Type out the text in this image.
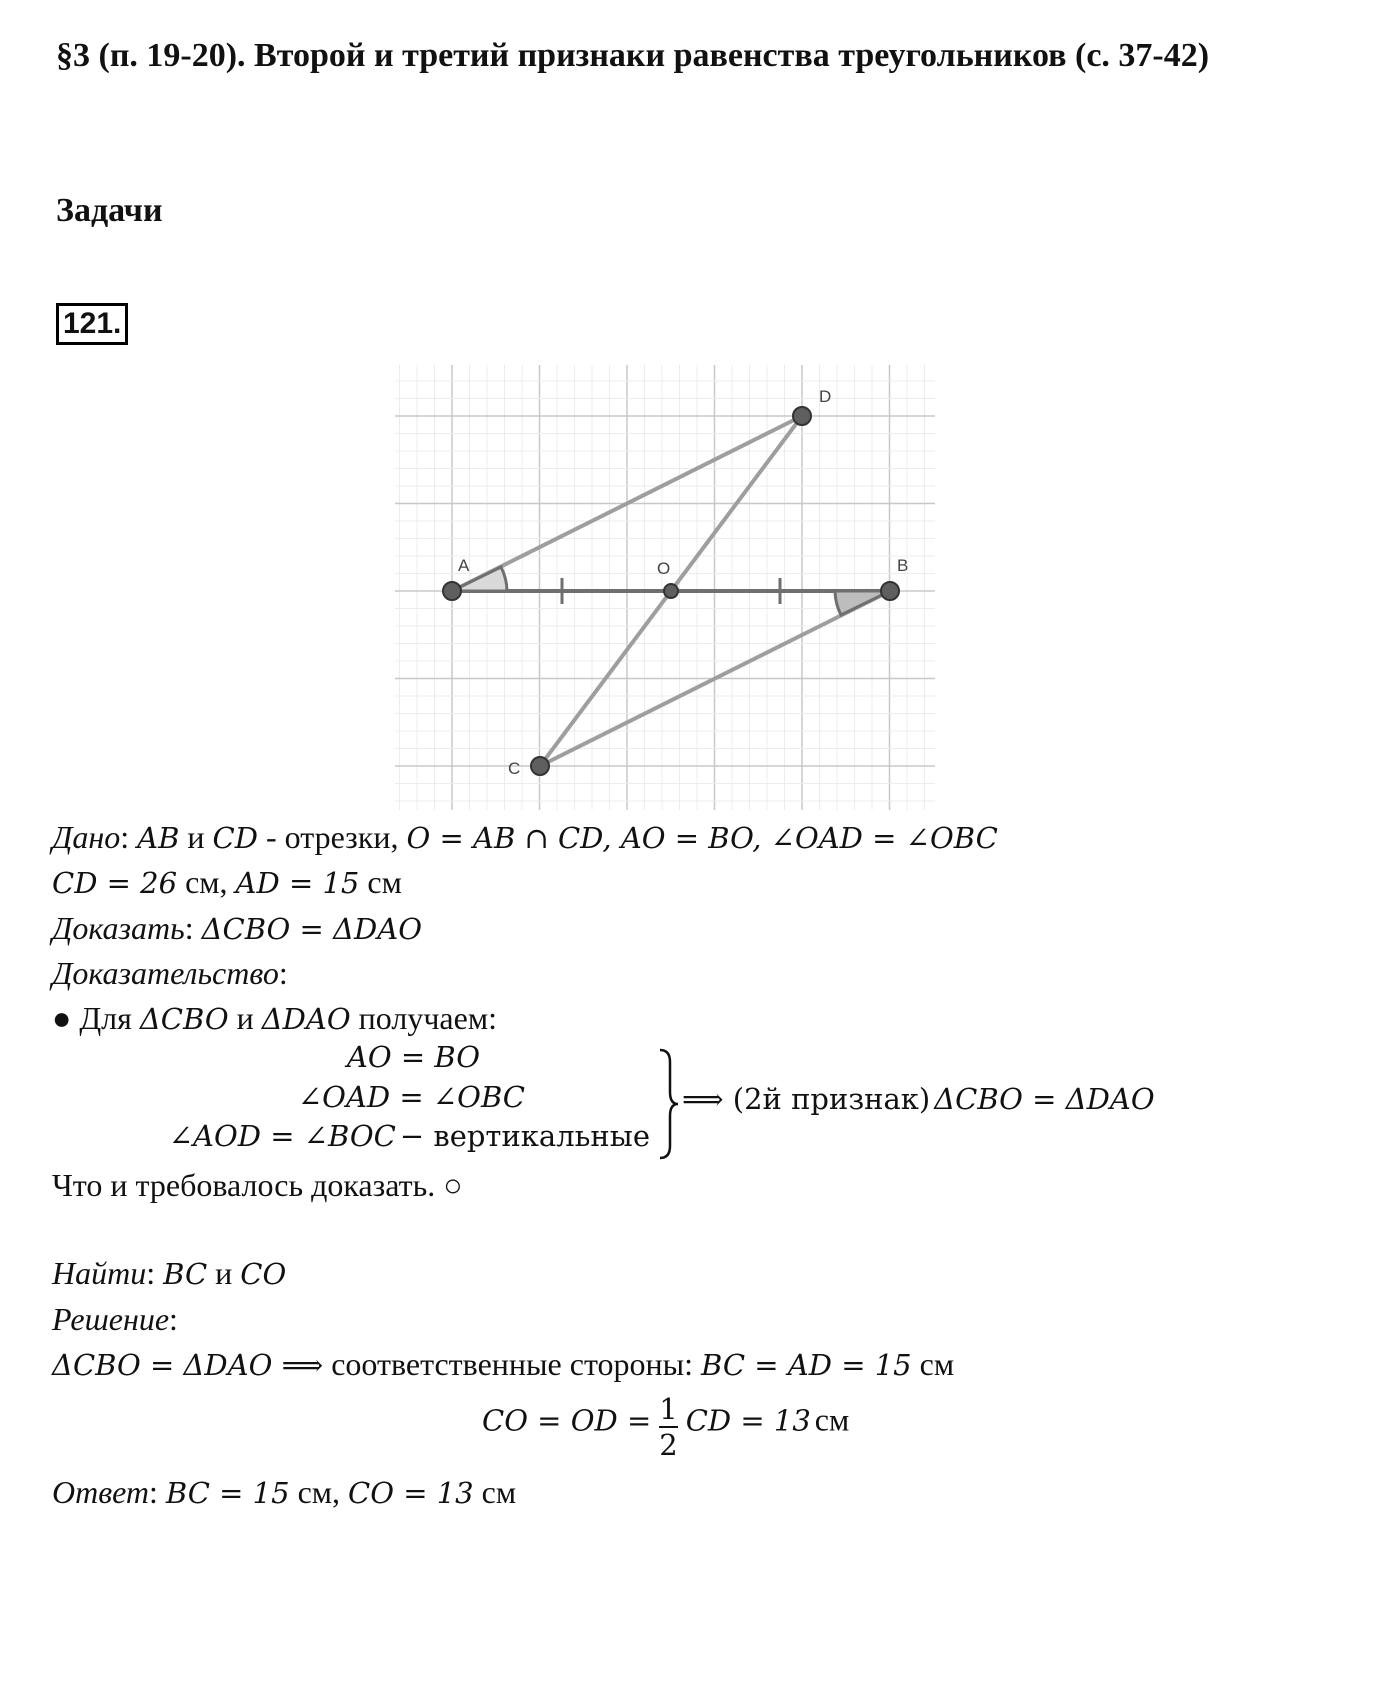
§3 (п. 19-20). Второй и третий признаки равенства треугольников (с. 37-42)
Задачи
121.
A	B
C
D
O
Дано: AB и CD - отрезки, O = AB ∩ CD, AO = BO, ∠OAD = ∠OBC
CD = 26 см, AD = 15 см
Доказать: ΔCBO = ΔDAO
Доказательство:
● Для ΔCBO и ΔDAO получаем:
AO = BO
∠OAD = ∠OBC
∠AOD = ∠BOC − вертикальные
⟹ (2й признак) ΔCBO = ΔDAO
Что и требовалось доказать. ○
Найти: BC и CO
Решение:
ΔCBO = ΔDAO ⟹ соответственные стороны: BC = AD = 15 см
CO = OD = $\frac{1}{2}$ CD = 13 см
Ответ: BC = 15 см, CO = 13 см
